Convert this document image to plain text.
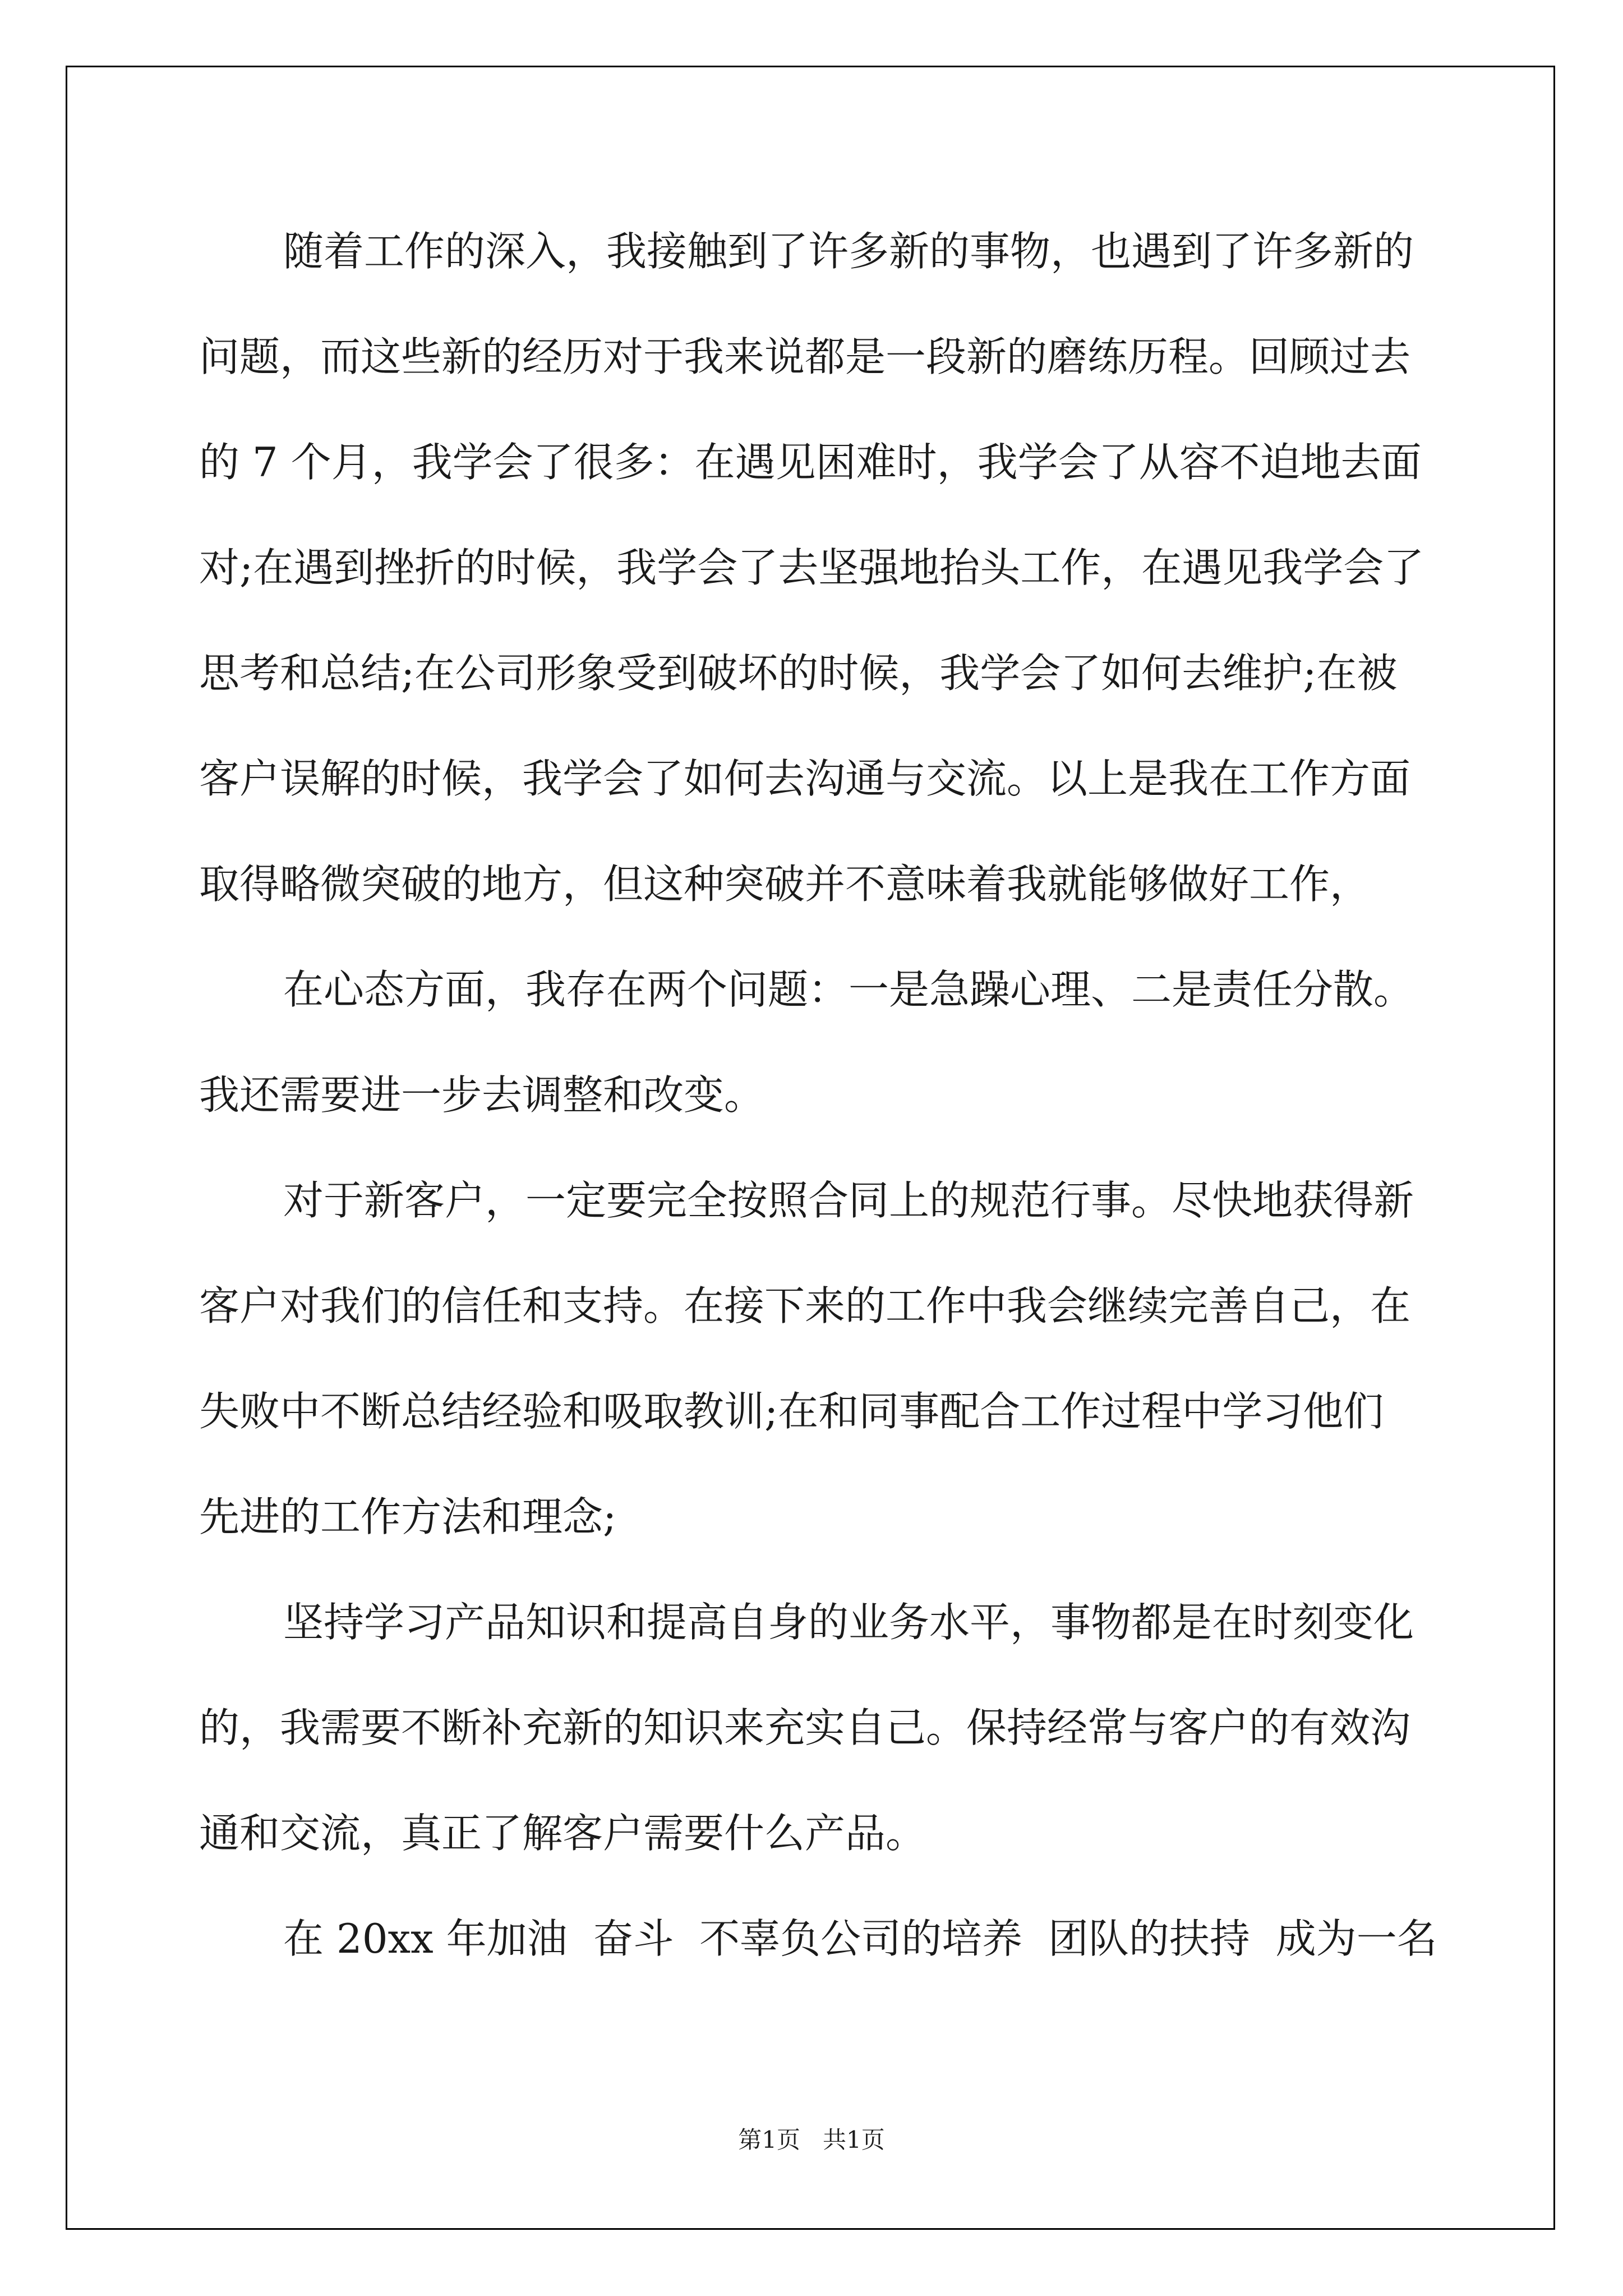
随着工作的深入，我接触到了许多新的事物，也遇到了许多新的
问题，而这些新的经历对于我来说都是一段新的磨练历程。回顾过去
的 7 个月，我学会了很多：在遇见困难时，我学会了从容不迫地去面
对;在遇到挫折的时候，我学会了去坚强地抬头工作，在遇见我学会了
思考和总结;在公司形象受到破坏的时候，我学会了如何去维护;在被
客户误解的时候，我学会了如何去沟通与交流。以上是我在工作方面
取得略微突破的地方，但这种突破并不意味着我就能够做好工作，
在心态方面，我存在两个问题：一是急躁心理、二是责任分散。
我还需要进一步去调整和改变。
对于新客户，一定要完全按照合同上的规范行事。尽快地获得新
客户对我们的信任和支持。在接下来的工作中我会继续完善自己，在
失败中不断总结经验和吸取教训;在和同事配合工作过程中学习他们
先进的工作方法和理念;
坚持学习产品知识和提高自身的业务水平，事物都是在时刻变化
的，我需要不断补充新的知识来充实自己。保持经常与客户的有效沟
通和交流，真正了解客户需要什么产品。
在 20xx 年加油  奋斗  不辜负公司的培养  团队的扶持  成为一名
第1页   共1页
